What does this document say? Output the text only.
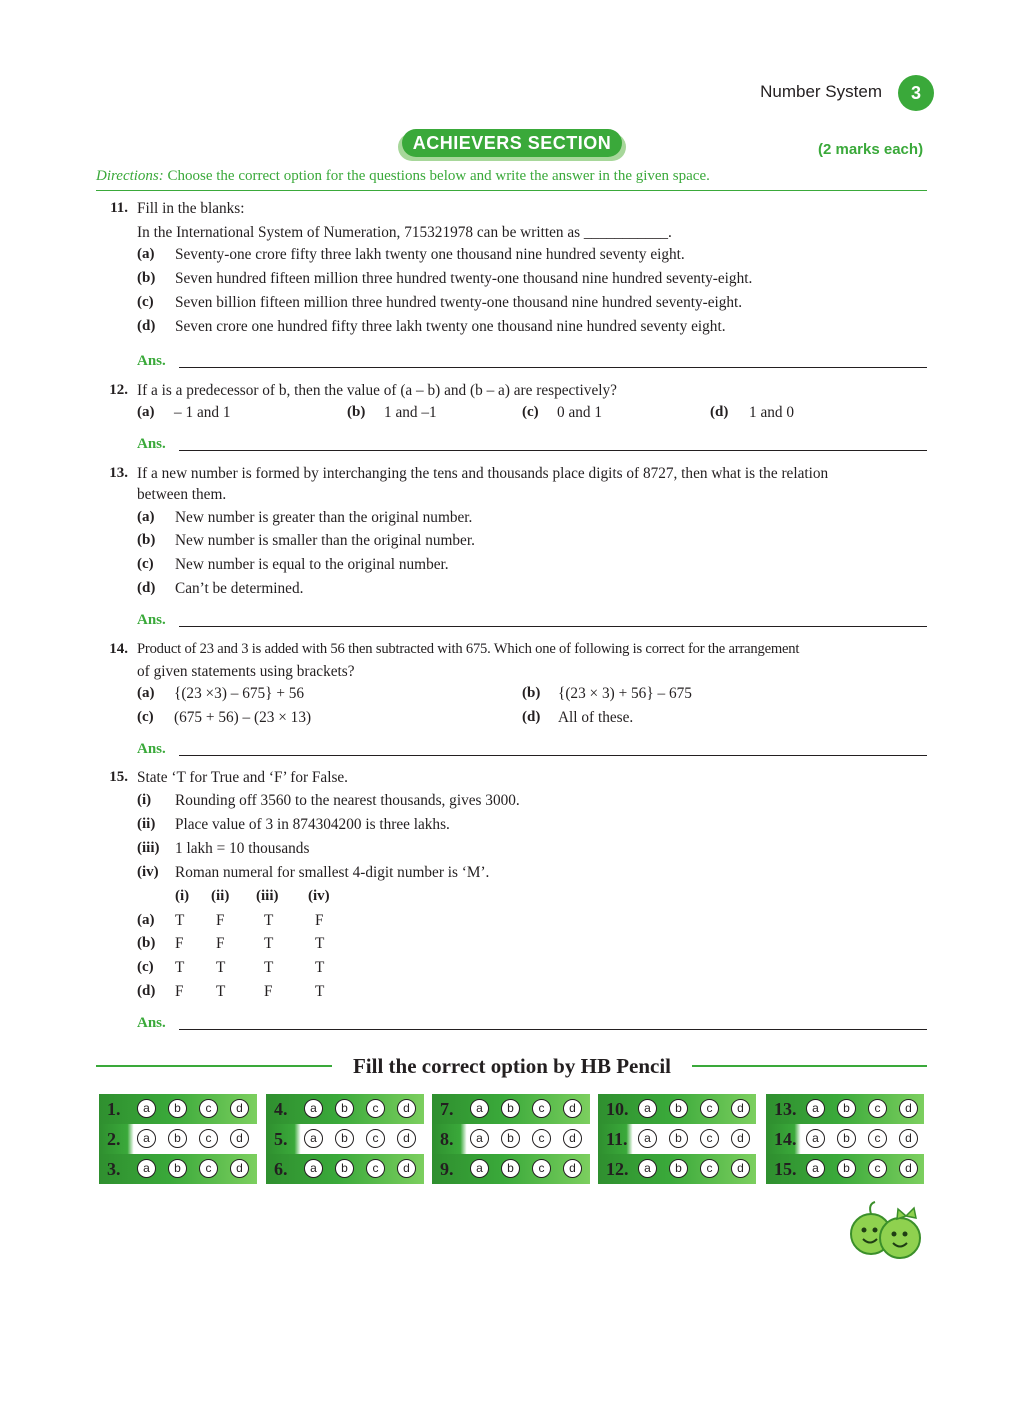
Number System	3
ACHIEVERS SECTION	(2 marks each)
Directions: Choose the correct option for the questions below and write the answer in the given space.
11. Fill in the blanks:
In the International System of Numeration, 715321978 can be written as ___________.
(a) Seventy-one crore fifty three lakh twenty one thousand nine hundred seventy eight.
(b) Seven hundred fifteen million three hundred twenty-one thousand nine hundred seventy-eight.
(c) Seven billion fifteen million three hundred twenty-one thousand nine hundred seventy-eight.
(d) Seven crore one hundred fifty three lakh twenty one thousand nine hundred seventy eight.
Ans.
12. If a is a predecessor of b, then the value of (a – b) and (b – a) are respectively?
(a) – 1 and 1	(b) 1 and –1	(c) 0 and 1	(d) 1 and 0
Ans.
13. If a new number is formed by interchanging the tens and thousands place digits of 8727, then what is the relation
between them.
(a) New number is greater than the original number.
(b) New number is smaller than the original number.
(c) New number is equal to the original number.
(d) Can’t be determined.
Ans.
14. Product of 23 and 3 is added with 56 then subtracted with 675. Which one of following is correct for the arrangement
of given statements using brackets?
(a) {(23 ×3) – 675} + 56	(b) {(23 × 3) + 56} – 675
(c) (675 + 56) – (23 × 13)	(d) All of these.
Ans.
15. State ‘T for True and ‘F’ for False.
(i) Rounding off 3560 to the nearest thousands, gives 3000.
(ii) Place value of 3 in 874304200 is three lakhs.
(iii) 1 lakh = 10 thousands
(iv) Roman numeral for smallest 4-digit number is ‘M’.
(i) (ii) (iii) (iv)
(a) T F	T	F
(b) F F	T	T
(c) T T	T	T
(d) F T	F	T
Ans.
Fill the correct option by HB Pencil
1.	a	b	c	d	4.	a	b	c	d	7.	a	b	c	d	10.	a	b	c	d	13.	a	b	c	d
2.	a	b	c	d	5.	a	b	c	d	8.	a	b	c	d	11.	a	b	c	d	14.	a	b	c	d
3.	a	b	c	d	6.	a	b	c	d	9.	a	b	c	d	12.	a	b	c	d	15.	a	b	c	d
